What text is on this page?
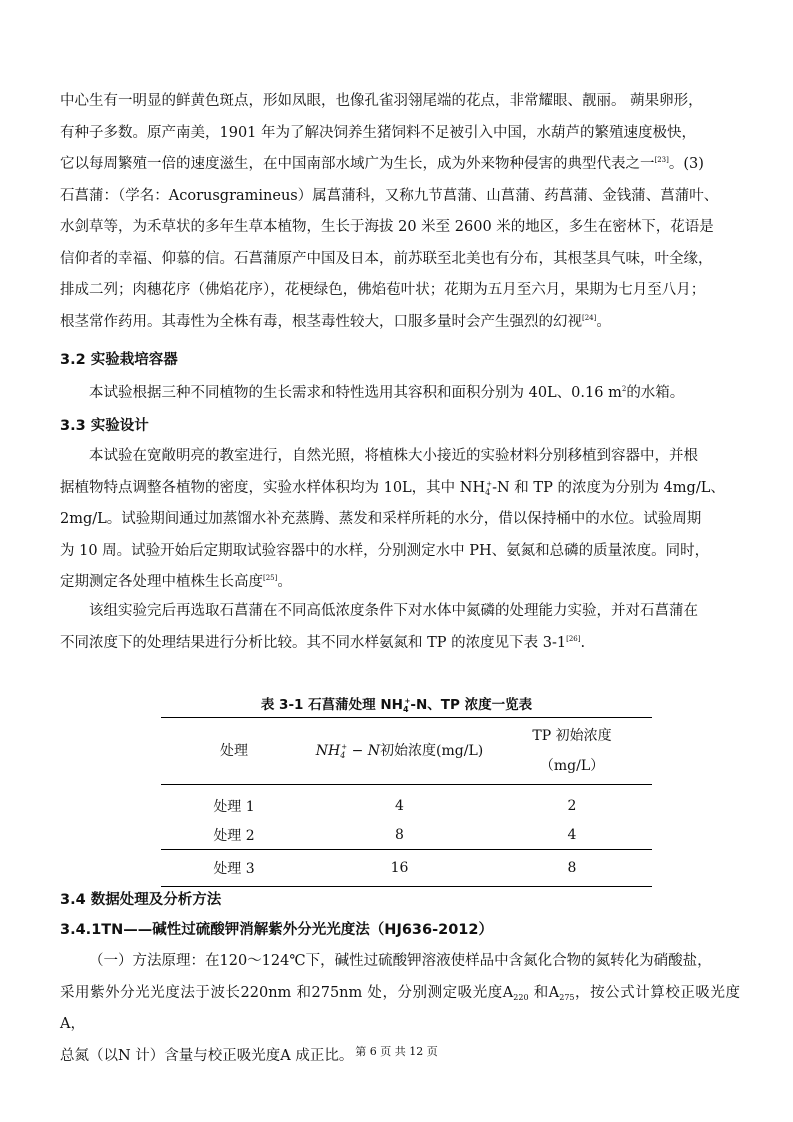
中心生有一明显的鲜黄色斑点，形如凤眼，也像孔雀羽翎尾端的花点，非常耀眼、靓丽。 蒴果卵形，
有种子多数。原产南美，1901 年为了解决饲养生猪饲料不足被引入中国，水葫芦的繁殖速度极快，
它以每周繁殖一倍的速度滋生，在中国南部水域广为生长，成为外来物种侵害的典型代表之一[23]。(3)
石菖蒲：（学名：Acorusgramineus）属菖蒲科，又称九节菖蒲、山菖蒲、药菖蒲、金钱蒲、菖蒲叶、
水剑草等，为禾草状的多年生草本植物，生长于海拔 20 米至 2600 米的地区，多生在密林下，花语是
信仰者的幸福、仰慕的信。石菖蒲原产中国及日本，前苏联至北美也有分布，其根茎具气味，叶全缘，
排成二列；肉穗花序（佛焰花序），花梗绿色，佛焰苞叶状；花期为五月至六月，果期为七月至八月；
根茎常作药用。其毒性为全株有毒，根茎毒性较大，口服多量时会产生强烈的幻视[24]。
3.2 实验栽培容器
本试验根据三种不同植物的生长需求和特性选用其容积和面积分别为 40L、0.16 $m^2$的水箱。
3.3 实验设计
本试验在宽敞明亮的教室进行，自然光照，将植株大小接近的实验材料分别移植到容器中，并根
据植物特点调整各植物的密度，实验水样体积均为 10L，其中 $NH_4^+-N$ 和 TP 的浓度为分别为 4mg/L、
2mg/L。试验期间通过加蒸馏水补充蒸腾、蒸发和采样所耗的水分，借以保持桶中的水位。试验周期
为 10 周。试验开始后定期取试验容器中的水样，分别测定水中 PH、氨氮和总磷的质量浓度。同时，
定期测定各处理中植株生长高度[25]。
该组实验完后再选取石菖蒲在不同高低浓度条件下对水体中氮磷的处理能力实验，并对石菖蒲在
不同浓度下的处理结果进行分析比较。其不同水样氨氮和 TP 的浓度见下表 3-1[26].
表 3-1 石菖蒲处理 $NH_4^+-N$、TP 浓度一览表
处理	$NH_4^+ - N$初始浓度(mg/L)	TP 初始浓度
（mg/L）

处理 1	4	2
处理 2	8	4
处理 3	16	8
3.4 数据处理及分析方法
3.4.1TN——碱性过硫酸钾消解紫外分光光度法（HJ636-2012）
（一）方法原理：在120～124℃下，碱性过硫酸钾溶液使样品中含氮化合物的氮转化为硝酸盐，
采用紫外分光光度法于波长220nm 和275nm 处，分别测定吸光度$A_{220}$ 和$A_{275}$，按公式计算校正吸光度A，
总氮（以N 计）含量与校正吸光度A 成正比。 第 6 页 共 12 页
